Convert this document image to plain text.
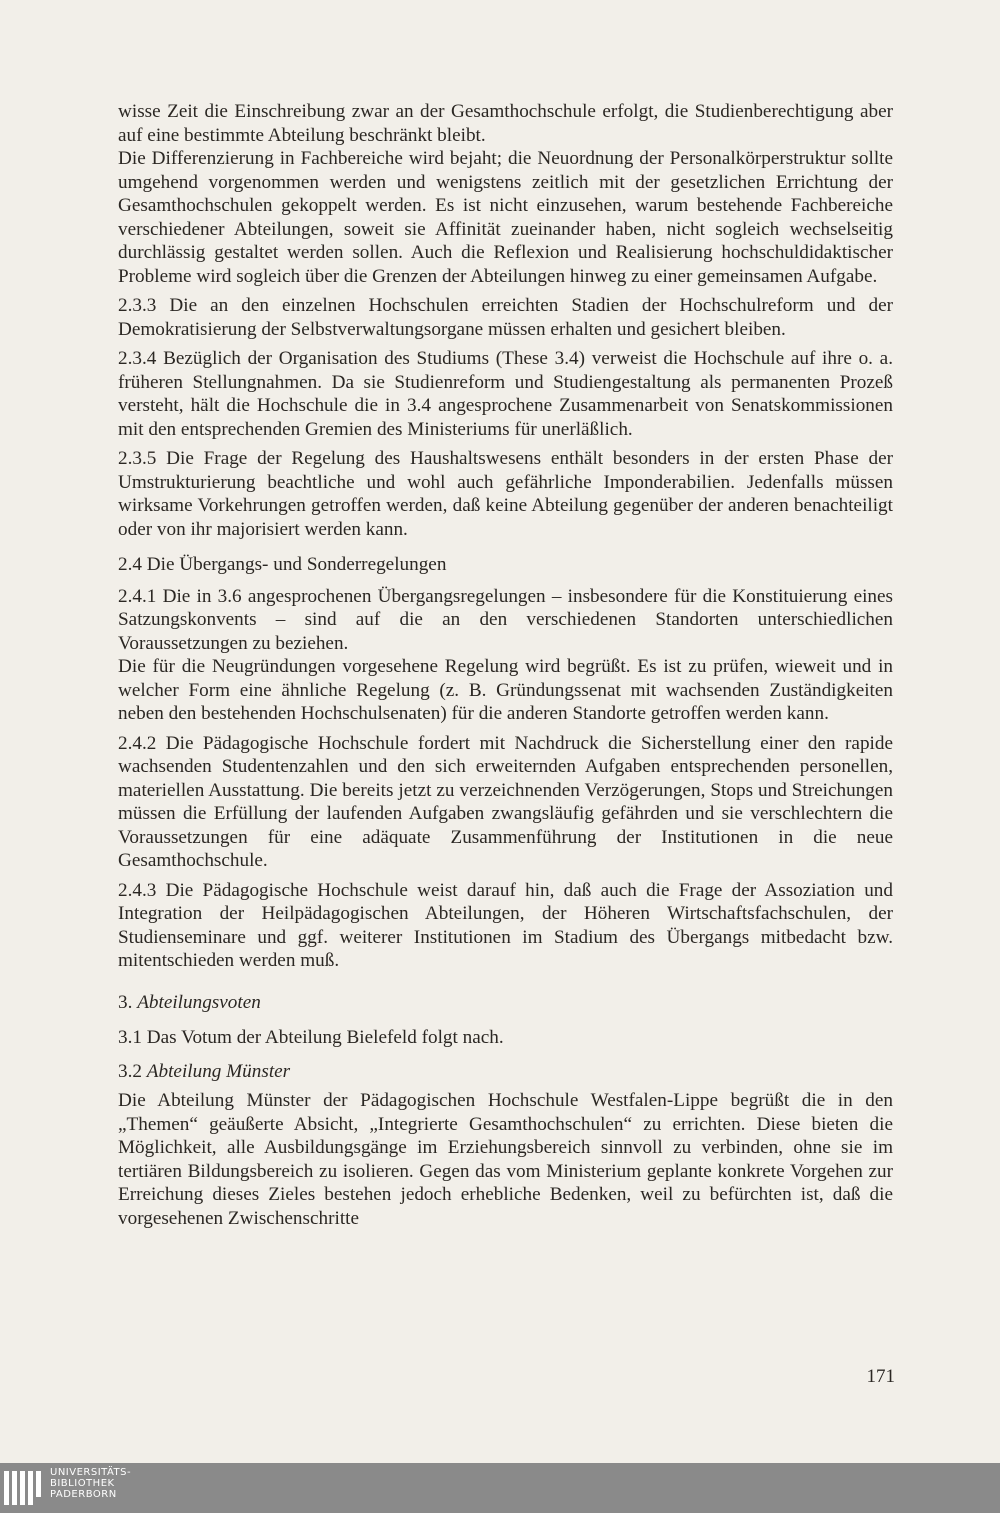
wisse Zeit die Einschreibung zwar an der Gesamthochschule erfolgt, die Studienberechtigung aber auf eine bestimmte Abteilung beschränkt bleibt.

Die Differenzierung in Fachbereiche wird bejaht; die Neuordnung der Personalkörperstruktur sollte umgehend vorgenommen werden und wenigstens zeitlich mit der gesetzlichen Errichtung der Gesamthochschulen gekoppelt werden. Es ist nicht einzusehen, warum bestehende Fachbereiche verschiedener Abteilungen, soweit sie Affinität zueinander haben, nicht sogleich wechselseitig durchlässig gestaltet werden sollen. Auch die Reflexion und Realisierung hochschuldidaktischer Probleme wird sogleich über die Grenzen der Abteilungen hinweg zu einer gemeinsamen Aufgabe.

2.3.3 Die an den einzelnen Hochschulen erreichten Stadien der Hochschulreform und der Demokratisierung der Selbstverwaltungsorgane müssen erhalten und gesichert bleiben.

2.3.4 Bezüglich der Organisation des Studiums (These 3.4) verweist die Hochschule auf ihre o. a. früheren Stellungnahmen. Da sie Studienreform und Studiengestaltung als permanenten Prozeß versteht, hält die Hochschule die in 3.4 angesprochene Zusammenarbeit von Senatskommissionen mit den entsprechenden Gremien des Ministeriums für unerläßlich.

2.3.5 Die Frage der Regelung des Haushaltswesens enthält besonders in der ersten Phase der Umstrukturierung beachtliche und wohl auch gefährliche Imponderabilien. Jedenfalls müssen wirksame Vorkehrungen getroffen werden, daß keine Abteilung gegenüber der anderen benachteiligt oder von ihr majorisiert werden kann.

2.4 Die Übergangs- und Sonderregelungen

2.4.1 Die in 3.6 angesprochenen Übergangsregelungen – insbesondere für die Konstituierung eines Satzungskonvents – sind auf die an den verschiedenen Standorten unterschiedlichen Voraussetzungen zu beziehen.

Die für die Neugründungen vorgesehene Regelung wird begrüßt. Es ist zu prüfen, wieweit und in welcher Form eine ähnliche Regelung (z. B. Gründungssenat mit wachsenden Zuständigkeiten neben den bestehenden Hochschulsenaten) für die anderen Standorte getroffen werden kann.

2.4.2 Die Pädagogische Hochschule fordert mit Nachdruck die Sicherstellung einer den rapide wachsenden Studentenzahlen und den sich erweiternden Aufgaben entsprechenden personellen, materiellen Ausstattung. Die bereits jetzt zu verzeichnenden Verzögerungen, Stops und Streichungen müssen die Erfüllung der laufenden Aufgaben zwangsläufig gefährden und sie verschlechtern die Voraussetzungen für eine adäquate Zusammenführung der Institutionen in die neue Gesamthochschule.

2.4.3 Die Pädagogische Hochschule weist darauf hin, daß auch die Frage der Assoziation und Integration der Heilpädagogischen Abteilungen, der Höheren Wirtschaftsfachschulen, der Studienseminare und ggf. weiterer Institutionen im Stadium des Übergangs mitbedacht bzw. mitentschieden werden muß.

3. Abteilungsvoten

3.1 Das Votum der Abteilung Bielefeld folgt nach.

3.2 Abteilung Münster

Die Abteilung Münster der Pädagogischen Hochschule Westfalen-Lippe begrüßt die in den „Themen“ geäußerte Absicht, „Integrierte Gesamthochschulen“ zu errichten. Diese bieten die Möglichkeit, alle Ausbildungsgänge im Erziehungsbereich sinnvoll zu verbinden, ohne sie im tertiären Bildungsbereich zu isolieren. Gegen das vom Ministerium geplante konkrete Vorgehen zur Erreichung dieses Zieles bestehen jedoch erhebliche Bedenken, weil zu befürchten ist, daß die vorgesehenen Zwischenschritte

171
UNIVERSITÄTS-
BIBLIOTHEK
PADERBORN
